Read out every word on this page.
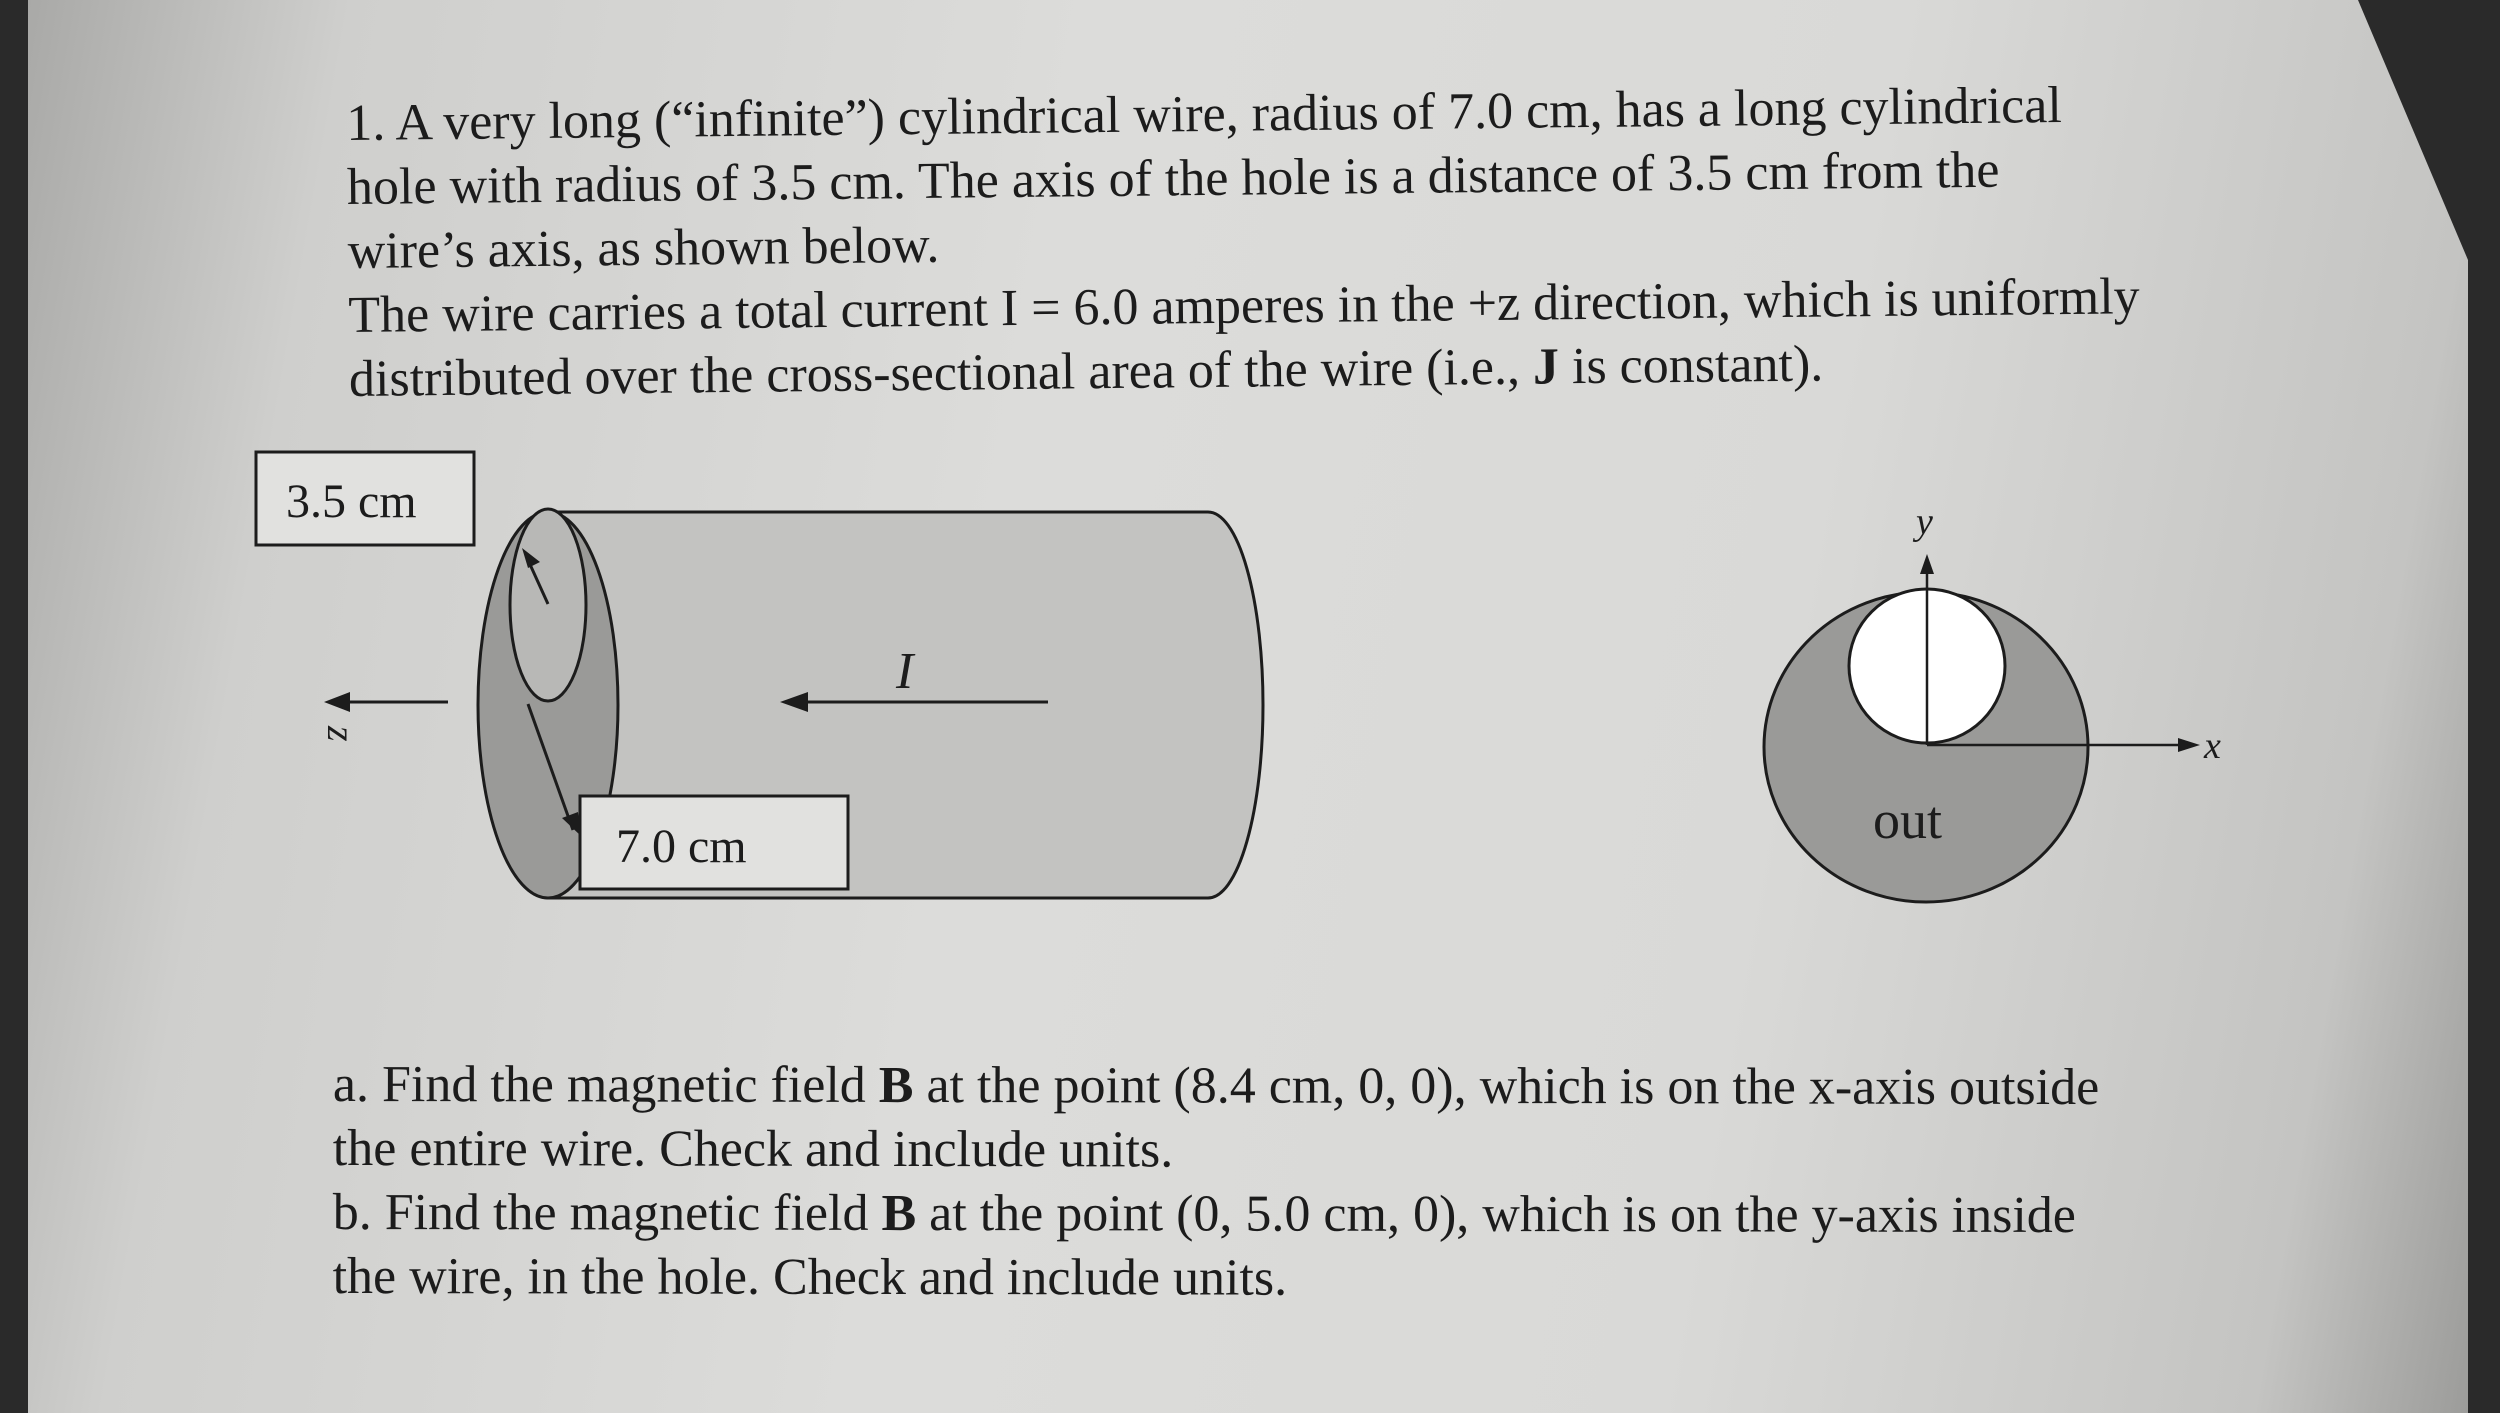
1. A very long (“infinite”) cylindrical wire, radius of 7.0 cm, has a long cylindrical

hole with radius of 3.5 cm. The axis of the hole is a distance of 3.5 cm from the

wire’s axis, as shown below.

The wire carries a total current I = 6.0 amperes in the +z direction, which is uniformly

distributed over the cross-sectional area of the wire (i.e., J is constant).

z
I
3.5 cm
7.0 cm
y
x
out

a. Find the magnetic field B at the point (8.4 cm, 0, 0), which is on the x-axis outside

the entire wire. Check and include units.

b. Find the magnetic field B at the point (0, 5.0 cm, 0), which is on the y-axis inside

the wire, in the hole. Check and include units.
